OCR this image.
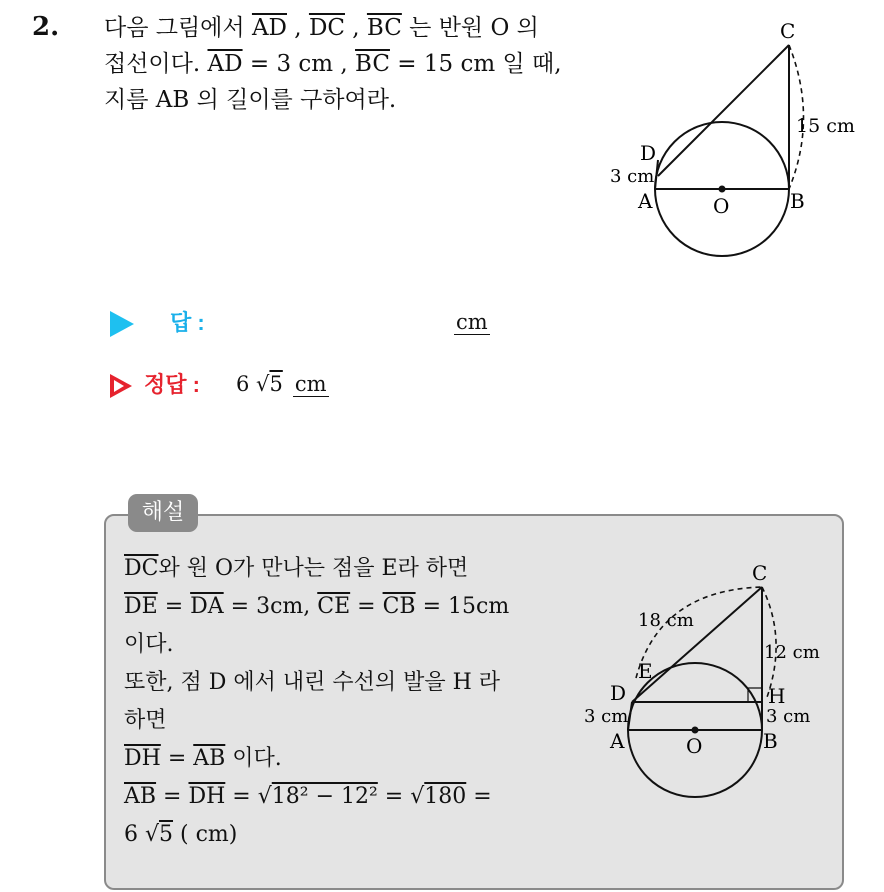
2. 다음 그림에서 $\overline{AD}$ , $\overline{DC}$ , $\overline{BC}$ 는 반원 O 의
접선이다. $\overline{AD} = 3$ cm , $\overline{BC} = 15$ cm 일 때,
지름 AB 의 길이를 구하여라.
C
D
3 cm
A	O	B
15 cm
답 :	cm
정답 : 6 √5 cm
해설
$\overline{DC}$와 원 O가 만나는 점을 E라 하면
$\overline{DE} = \overline{DA} = 3cm$, $\overline{CE} = \overline{CB} = 15cm$
이다.
또한, 점 D 에서 내린 수선의 발을 H 라
하면
$\overline{DH} = \overline{AB}$ 이다.
$\overline{AB} = \overline{DH} = √18^2 - 12^2 = √180$ =
6 √5 ( cm)
C
18 cm
12 cm
E
D	H
3 cm	3 cm
A	O	B
